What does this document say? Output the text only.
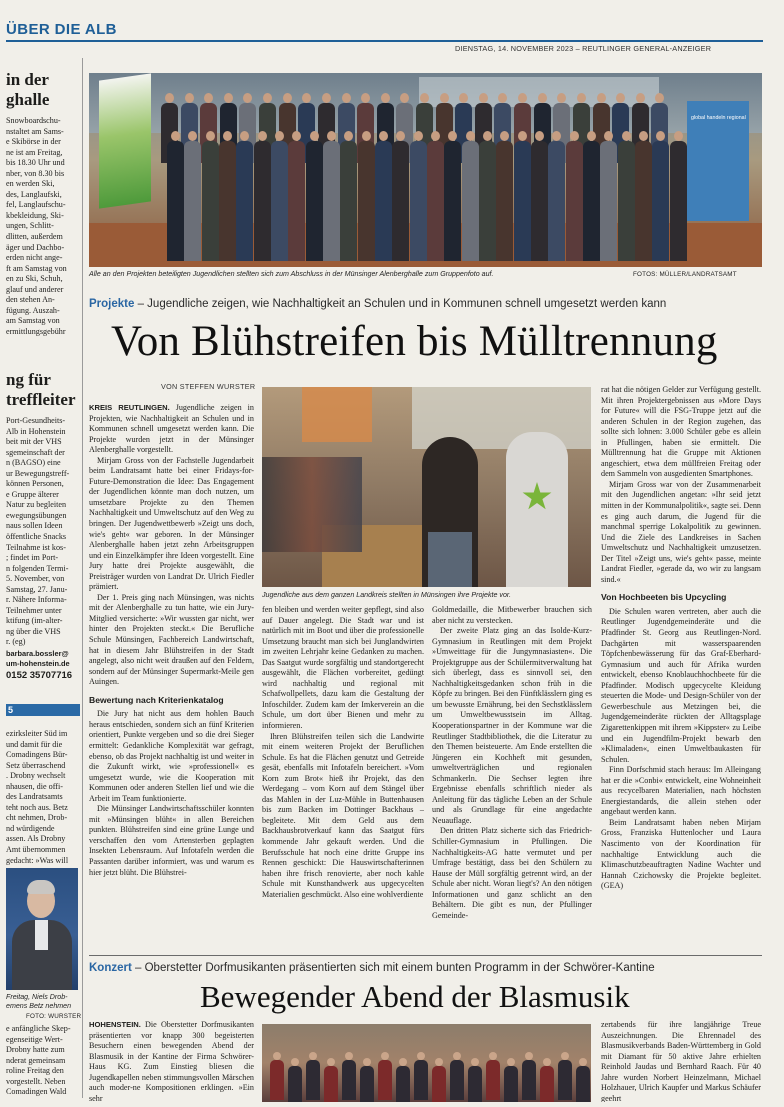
ÜBER DIE ALB
DIENSTAG, 14. NOVEMBER 2023 – REUTLINGER GENERAL-ANZEIGER
in der
ghalle
Snowboardschu-
nstaltet am Sams-
e Skibörse in der
ne ist am Freitag,
bis 18.30 Uhr und
nber, von 8.30 bis
en werden Ski,
des, Langlaufski,
fel, Langlaufschu-
kbekleidung, Ski-
ungen, Schlitt-
dlitten, außerdem
äger und Dachbo-
erden nicht ange-
ft am Samstag von
en zu Ski, Schuh,
glauf und anderer
den stehen An-
fügung. Auszah-
am Samstag von
ermittlungsgebühr
ng für
treffleiter
Port-Gesundheits-
Alb in Hohenstein
beit mit der VHS
sgemeinschaft der
n (BAGSO) eine
ur Bewegungstreff-
können Personen,
e Gruppe älterer
Natur zu begleiten
ewegungsübungen
naus sollen Ideen
öffentliche Snacks
Teilnahme ist kos-
; findet im Port-
n folgenden Termi-
5. November, von
Samstag, 27. Janu-
r. Nähere Informa-
Teilnehmer unter
ktifung (im-alter-
ng über die VHS
r. (eg)
barbara.bossler@
um-hohenstein.de
0152 35707716
5
ezirksleiter Süd im
und damit für die
Comadingens Bür-
Setz überraschend
. Drobny wechselt
nhausen, die offi-
des Landratsamts
teht noch aus. Betz
cht nehmen, Drob-
nd würdigende
assen. Als Drobny
Amt übernommen
gedacht: »Was will
Freitag, Niels Drob-
emens Betz nehmen
FOTO: WURSTER
e anfängliche Skep-
egenseitige Wert-
Drobny hatte zum
nderat gemeinsam
roline Freitag den
vorgestellt. Neben
Comadingen Wald
global handeln regional
Alle an den Projekten beteiligten Jugendlichen stellten sich zum Abschluss in der Münsinger Alenberghalle zum Gruppenfoto auf.	FOTOS: MÜLLER/LANDRATSAMT
Projekte – Jugendliche zeigen, wie Nachhaltigkeit an Schulen und in Kommunen schnell umgesetzt werden kann
Von Blühstreifen bis Mülltrennung
VON STEFFEN WURSTER

KREIS REUTLINGEN. Jugendliche zeigen in Projekten, wie Nachhaltigkeit an Schulen und in Kommunen schnell umgesetzt werden kann. Die Projekte wurden jetzt in der Münsinger Alenberghalle vorgestellt.

Mirjam Gross von der Fachstelle Jugendarbeit beim Landratsamt hatte bei einer Fridays-for-Future-Demonstration die Idee: Das Engagement der Jugendlichen könnte man doch nutzen, um umsetzbare Projekte zu den Themen Nachhaltigkeit und Umweltschutz auf den Weg zu bringen. Der Jugendwettbewerb »Zeigt uns doch, wie's geht« war geboren. In der Münsinger Alenberghalle haben jetzt zehn Arbeitsgruppen und ein Einzelkämpfer ihre Ideen vorgestellt. Eine Jury hatte drei Projekte ausgewählt, die Preisträger wurden von Landrat Dr. Ulrich Fiedler prämiert.

Der 1. Preis ging nach Münsingen, was nichts mit der Alenberghalle zu tun hatte, wie ein Jury-Mitglied versicherte: »Wir wussten gar nicht, wer hinter den Projekten steckt.« Die Berufliche Schule Münsingen, Fachbereich Landwirtschaft, hat in diesem Jahr Blühstreifen in der Stadt angelegt, also nicht weit draußen auf den Feldern, sondern auf der Münsinger Supermarkt-Meile gen Auingen.

Bewertung nach Kriterienkatalog

Die Jury hat nicht aus dem hohlen Bauch heraus entschieden, sondern sich an fünf Kriterien orientiert, Punkte vergeben und so die drei Sieger ermittelt: Gedankliche Komplexität war gefragt, ebenso, ob das Projekt nachhaltig ist und weiter in die Zukunft wirkt, wie »professionell« es umgesetzt wurde, wie die Kooperation mit Kommunen oder anderen Stellen lief und wie die Arbeit im Team funktionierte.

Die Münsinger Landwirtschaftsschüler konnten mit »Münsingen blüht« in allen Bereichen punkten. Blühstreifen sind eine grüne Lunge und verschaffen den vom Artensterben geplagten Insekten Lebensraum. Auf Infotafeln werden die Passanten darüber informiert, was und warum es hier jetzt blüht. Die Blühstrei-

Jugendliche aus dem ganzen Landkreis stellten in Münsingen ihre Projekte vor.

fen bleiben und werden weiter gepflegt, sind also auf Dauer angelegt. Die Stadt war und ist natürlich mit im Boot und über die professionelle Umsetzung braucht man sich bei Junglandwirten im zweiten Lehrjahr keine Gedanken zu machen. Das Saatgut wurde sorgfältig und standortgerecht ausgewählt, die Flächen vorbereitet, gedüngt wird nachhaltig und regional mit Schafwollpellets, dazu kam die Gestaltung der Infoschilder. Zudem kam der Imkerverein an die Schule, um dort über Bienen und mehr zu informieren.

Ihren Blühstreifen teilen sich die Landwirte mit einem weiteren Projekt der Beruflichen Schule. Es hat die Flächen genutzt und Getreide gesät, ebenfalls mit Infotafeln bereichert. »Vom Korn zum Brot« hieß ihr Projekt, das den Werdegang – vom Korn auf dem Stängel über das Mahlen in der Luz-Mühle in Buttenhausen bis zum Backen im Dottinger Backhaus – begleitete. Mit dem Geld aus dem Backhausbrotverkauf kann das Saatgut fürs kommende Jahr gekauft werden. Und die Berufsschule hat noch eine dritte Gruppe ins Rennen geschickt: Die Hauswirtschafterinnen haben ihre frisch renovierte, aber noch kahle Schule mit Kunsthandwerk aus upgecycelten Materialien geschmückt. Also eine wohlverdiente

Goldmedaille, die Mitbewerber brauchen sich aber nicht zu verstecken.

Der zweite Platz ging an das Isolde-Kurz-Gymnasium in Reutlingen mit dem Projekt »Umweittage für die Jungymnasiasten«. Die Projektgruppe aus der Schülermitverwaltung hat sich überlegt, dass es sinnvoll sei, den Nachhaltigkeitsgedanken schon früh in die Köpfe zu bringen. Bei den Fünftklässlern ging es um bewusste Ernährung, bei den Sechstklässlern um Umweltbewusstsein im Alltag. Kooperationspartner in der Kommune war die Reutlinger Stadtbibliothek, die die Literatur zu den Themen beisteuerte. Am Ende erstellten die Jüngeren ein Kochheft mit gesunden, umweltverträglichen und regionalen Schmankerln. Die Sechser legten ihre Ergebnisse ebenfalls schriftlich nieder als Anleitung für das tägliche Leben an der Schule und als Grundlage für eine angedachte Neuauflage.

Den dritten Platz sicherte sich das Friedrich-Schiller-Gymnasium in Pfullingen. Die Nachhaltigkeits-AG hatte vermutet und per Umfrage bestätigt, dass bei den Schülern zu Hause der Müll sorgfältig getrennt wird, an der Schule aber nicht. Woran liegt's? An den nötigen Informationen und ganz schlicht an den Behältern. Die gibt es nun, der Pfullinger Gemeinde-

rat hat die nötigen Gelder zur Verfügung gestellt. Mit ihren Projektergebnissen aus »More Days for Future« will die FSG-Truppe jetzt auf die anderen Schulen in der Region zugehen, das sollte sich lohnen: 3.000 Schüler gebe es allein in Pfullingen, haben sie ermittelt. Die Mülltrennung hat die Gruppe mit Aktionen angeschiert, etwa dem müllfreien Freitag oder dem Sammeln von ausgedienten Smartphones.

Mirjam Gross war von der Zusammenarbeit mit den Jugendlichen angetan: »Ihr seid jetzt mitten in der Kommunalpolitik«, sagte sei. Denn es ging auch darum, die Jugend für die manchmal sperrige Lokalpolitik zu gewinnen. Und die Ziele des Landkreises in Sachen Umweltschutz und Nachhaltigkeit umzusetzen. Der Titel »Zeigt uns, wie's geht« passe, meinte Landrat Fiedler, »gerade da, wo wir zu langsam sind.«

Von Hochbeeten bis Upcycling

Die Schulen waren vertreten, aber auch die Reutlinger Jugendgemeinderäte und die Pfadfinder St. Georg aus Reutlingen-Nord. Dachgärten mit wasserspaarenden Töpfchenbewässerung für das Graf-Eberhard-Gymnasium und auch für Afrika wurden entwickelt, ebenso Knoblauchhochbeete für die Pfadfinder. Modisch upgecycelte Kleidung steuerten die Mode- und Design-Schüler von der Gewerbeschule aus Metzingen bei, die Jugendgemeinderäte rückten der Alltagsplage Zigarettenkippen mit ihrem »Kippster« zu Leibe und ein Jugendfilm-Projekt bewarb den »Klimaladen«, einen Umweltbaukasten für Schulen.

Finn Dorfschmid stach heraus: Im Alleingang hat er die »Conbi« entwickelt, eine Wohneinheit aus recycelbaren Materialien, nach höchsten Energiestandards, die allein stehen oder angebaut werden kann.

Beim Landratsamt haben neben Mirjam Gross, Franziska Huttenlocher und Laura Nascimento von der Koordination für nachhaltige Entwicklung auch die Klimaschutzbeauftragten Nadine Wachter und Hannah Czichowsky die Projekte begleitet. (GEA)

Konzert – Oberstetter Dorfmusikanten präsentierten sich mit einem bunten Programm in der Schwörer-Kantine
Bewegender Abend der Blasmusik

HOHENSTEIN. Die Oberstetter Dorfmusikanten präsentierten vor knapp 300 begeisterten Besuchern einen bewegenden Abend der Blasmusik in der Kantine der Firma Schwörer-Haus KG. Zum Einstieg bliesen die Jugendkapellen neben stimmungsvollen Märschen auch moder-ne Kompositionen erklingen. »Ein sehr

zertabends für ihre langjährige Treue Auszeichnungen. Die Ehrennadel des Blasmusikverbands Baden-Württemberg in Gold mit Diamant für 50 aktive Jahre erhielten Reinhold Jaudas und Bernhard Raach. Für 40 Jahre wurden Norbert Heinzelmann, Michael Holzhauer, Ulrich Kaupfer und Markus Schäufer geehrt
